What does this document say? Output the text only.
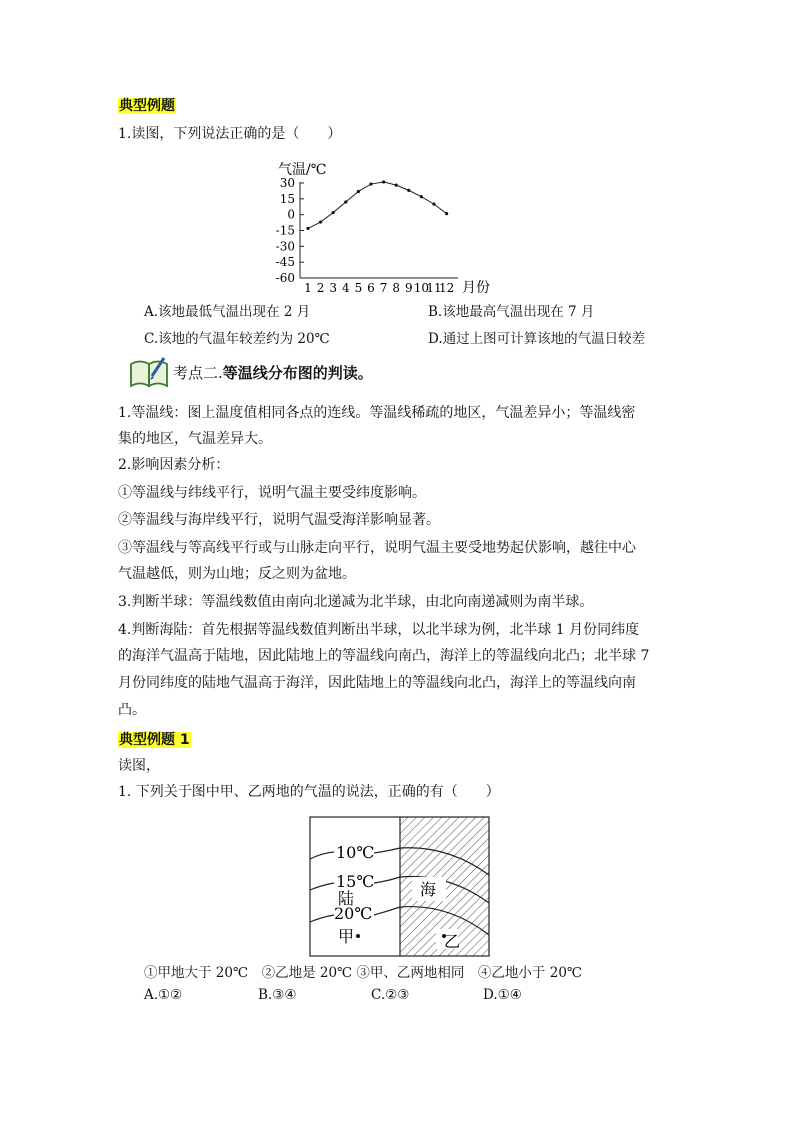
典型例题
1.读图，下列说法正确的是（　　）
气温/℃
30
15
0
-15
-30
-45
-60
1 2 3 4 5 6 7 8 9 10
11
12 月份
A.该地最低气温出现在 2 月	B.该地最高气温出现在 7 月
C.该地的气温年较差约为 20℃	D.通过上图可计算该地的气温日较差
考点二.等温线分布图的判读。
1.等温线：图上温度值相同各点的连线。等温线稀疏的地区，气温差异小；等温线密
集的地区，气温差异大。
2.影响因素分析：
①等温线与纬线平行，说明气温主要受纬度影响。
②等温线与海岸线平行，说明气温受海洋影响显著。
③等温线与等高线平行或与山脉走向平行，说明气温主要受地势起伏影响，越往中心
气温越低，则为山地；反之则为盆地。
3.判断半球：等温线数值由南向北递减为北半球，由北向南递减则为南半球。
4.判断海陆：首先根据等温线数值判断出半球，以北半球为例，北半球 1 月份同纬度
的海洋气温高于陆地，因此陆地上的等温线向南凸，海洋上的等温线向北凸；北半球 7
月份同纬度的陆地气温高于海洋，因此陆地上的等温线向北凸，海洋上的等温线向南
凸。
典型例题 1
读图，
1. 下列关于图中甲、乙两地的气温的说法，正确的有（　　）
10℃
15℃
陆
20℃
甲
海
乙
①甲地大于 20℃　②乙地是 20℃ ③甲、乙两地相同　④乙地小于 20℃
A.①②	B.③④	C.②③	D.①④
